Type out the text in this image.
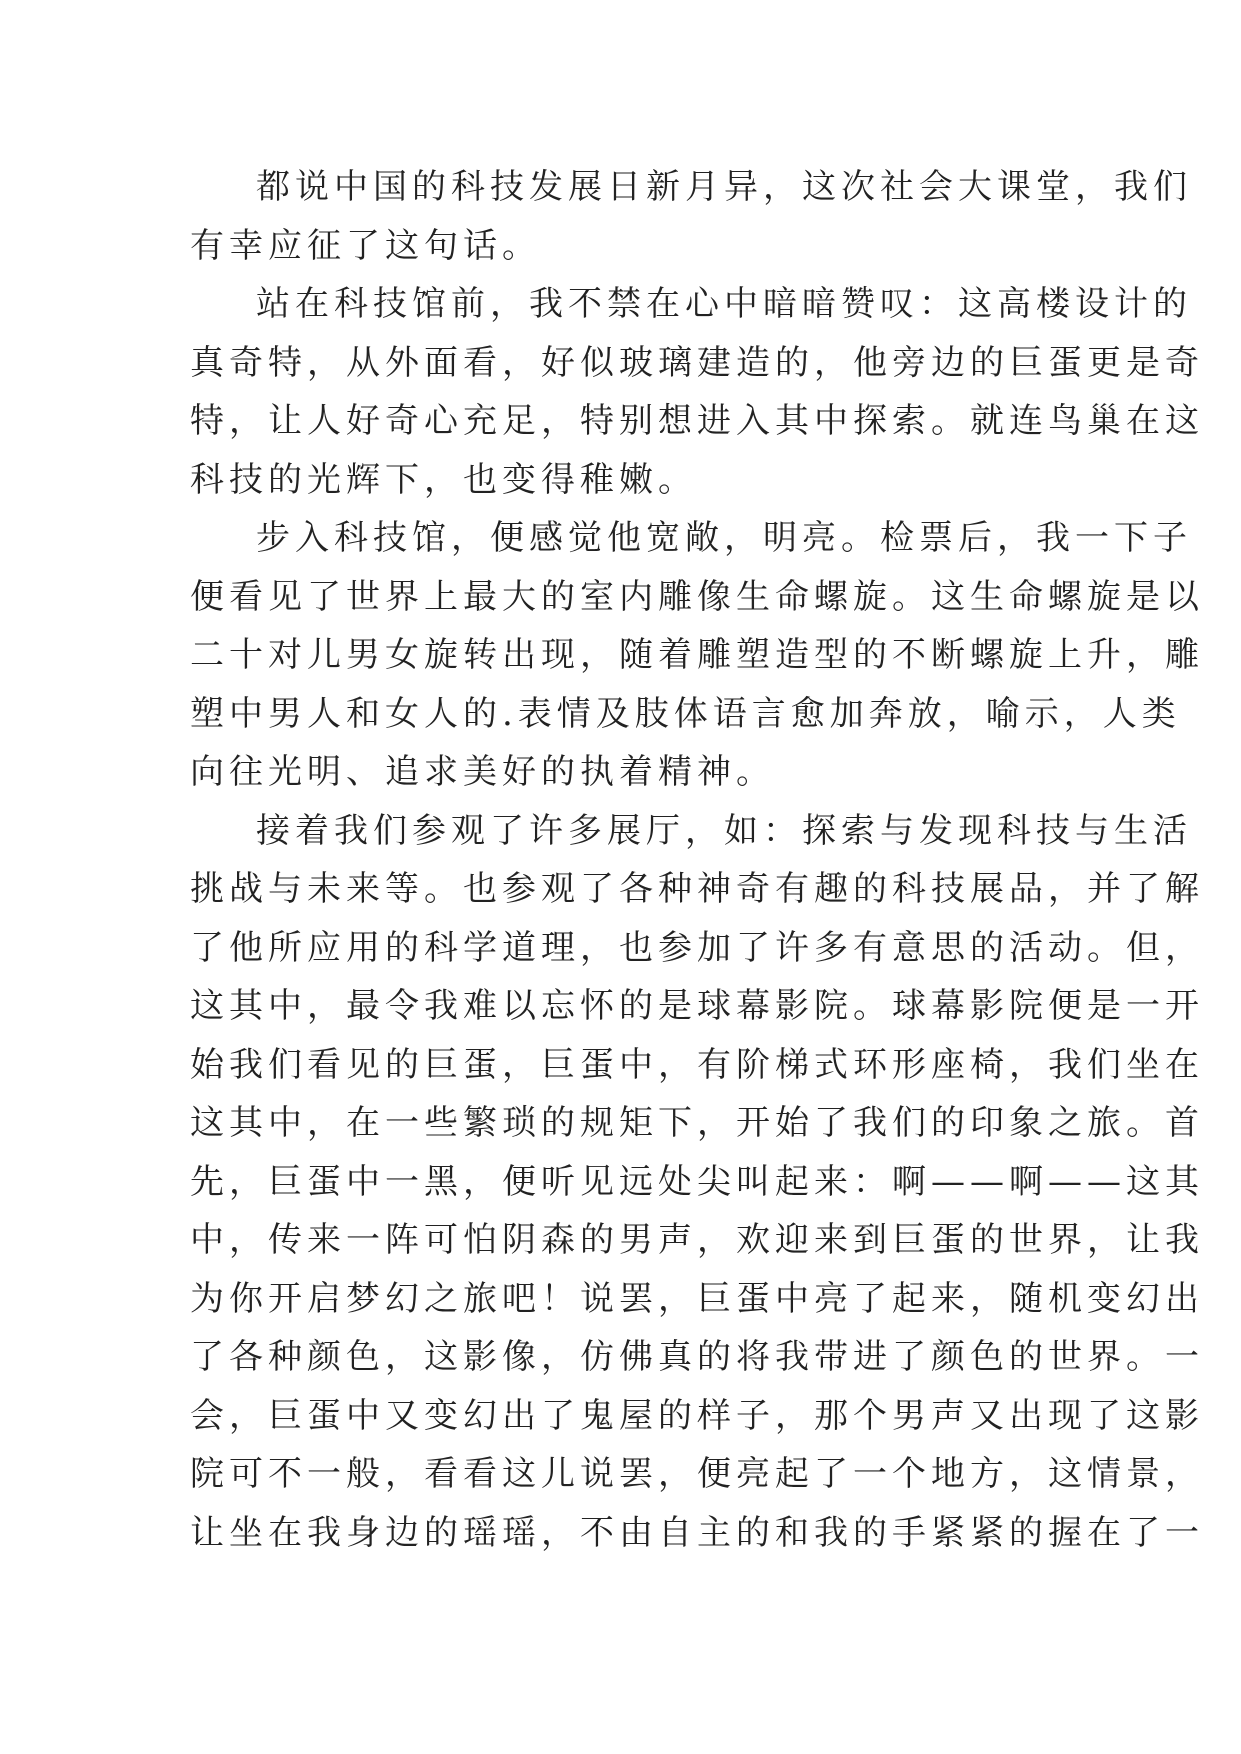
都说中国的科技发展日新月异，这次社会大课堂，我们
有幸应征了这句话。
站在科技馆前，我不禁在心中暗暗赞叹：这高楼设计的
真奇特，从外面看，好似玻璃建造的，他旁边的巨蛋更是奇
特，让人好奇心充足，特别想进入其中探索。就连鸟巢在这
科技的光辉下，也变得稚嫩。
步入科技馆，便感觉他宽敞，明亮。检票后，我一下子
便看见了世界上最大的室内雕像生命螺旋。这生命螺旋是以
二十对儿男女旋转出现，随着雕塑造型的不断螺旋上升，雕
塑中男人和女人的.表情及肢体语言愈加奔放，喻示，人类
向往光明、追求美好的执着精神。
接着我们参观了许多展厅，如：探索与发现科技与生活
挑战与未来等。也参观了各种神奇有趣的科技展品，并了解
了他所应用的科学道理，也参加了许多有意思的活动。但，
这其中，最令我难以忘怀的是球幕影院。球幕影院便是一开
始我们看见的巨蛋，巨蛋中，有阶梯式环形座椅，我们坐在
这其中，在一些繁琐的规矩下，开始了我们的印象之旅。首
先，巨蛋中一黑，便听见远处尖叫起来：啊——啊——这其
中，传来一阵可怕阴森的男声，欢迎来到巨蛋的世界，让我
为你开启梦幻之旅吧！说罢，巨蛋中亮了起来，随机变幻出
了各种颜色，这影像，仿佛真的将我带进了颜色的世界。一
会，巨蛋中又变幻出了鬼屋的样子，那个男声又出现了这影
院可不一般，看看这儿说罢，便亮起了一个地方，这情景，
让坐在我身边的瑶瑶，不由自主的和我的手紧紧的握在了一
